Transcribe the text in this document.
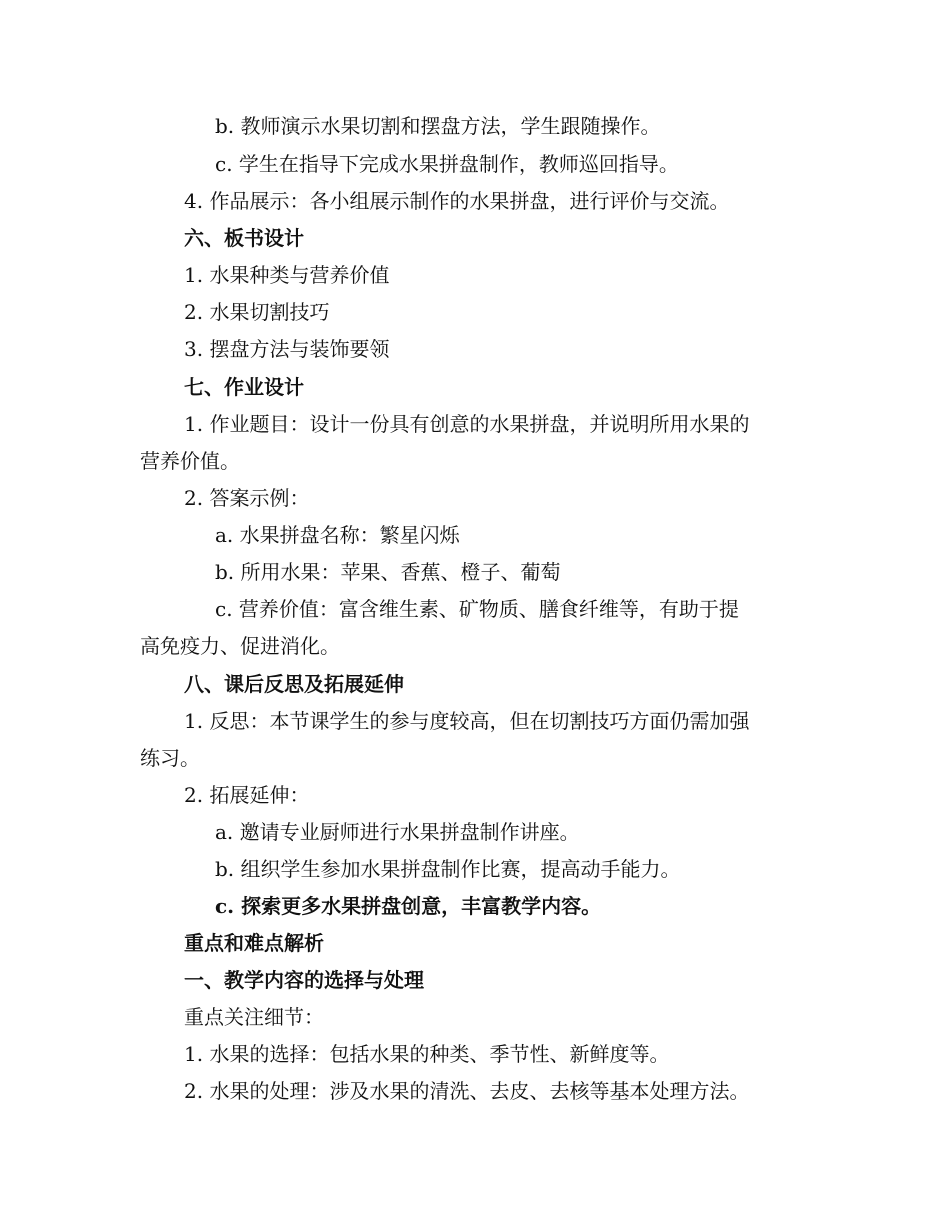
b. 教师演示水果切割和摆盘方法，学生跟随操作。
c. 学生在指导下完成水果拼盘制作，教师巡回指导。
4. 作品展示：各小组展示制作的水果拼盘，进行评价与交流。
六、板书设计
1. 水果种类与营养价值
2. 水果切割技巧
3. 摆盘方法与装饰要领
七、作业设计
1. 作业题目：设计一份具有创意的水果拼盘，并说明所用水果的
营养价值。
2. 答案示例：
a. 水果拼盘名称：繁星闪烁
b. 所用水果：苹果、香蕉、橙子、葡萄
c. 营养价值：富含维生素、矿物质、膳食纤维等，有助于提
高免疫力、促进消化。
八、课后反思及拓展延伸
1. 反思：本节课学生的参与度较高，但在切割技巧方面仍需加强
练习。
2. 拓展延伸：
a. 邀请专业厨师进行水果拼盘制作讲座。
b. 组织学生参加水果拼盘制作比赛，提高动手能力。
c. 探索更多水果拼盘创意，丰富教学内容。
重点和难点解析
一、教学内容的选择与处理
重点关注细节：
1. 水果的选择：包括水果的种类、季节性、新鲜度等。
2. 水果的处理：涉及水果的清洗、去皮、去核等基本处理方法。
